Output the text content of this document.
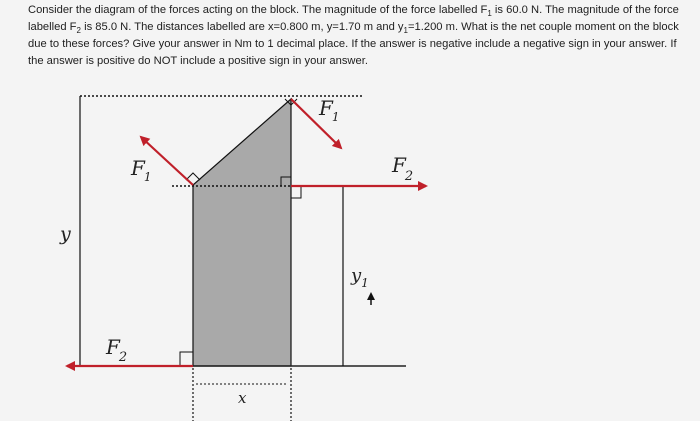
Consider the diagram of the forces acting on the block. The magnitude of the force labelled $F_1$ is 60.0 N. The magnitude of the force labelled $F_2$ is 85.0 N. The distances labelled are x=0.800 m, y=1.70 m and $y_1=1.200$ m. What is the net couple moment on the block due to these forces? Give your answer in Nm to 1 decimal place. If the answer is negative include a negative sign in your answer. If the answer is positive do NOT include a positive sign in your answer.

F1
F1
F2
F2
y
$y_1$
x
